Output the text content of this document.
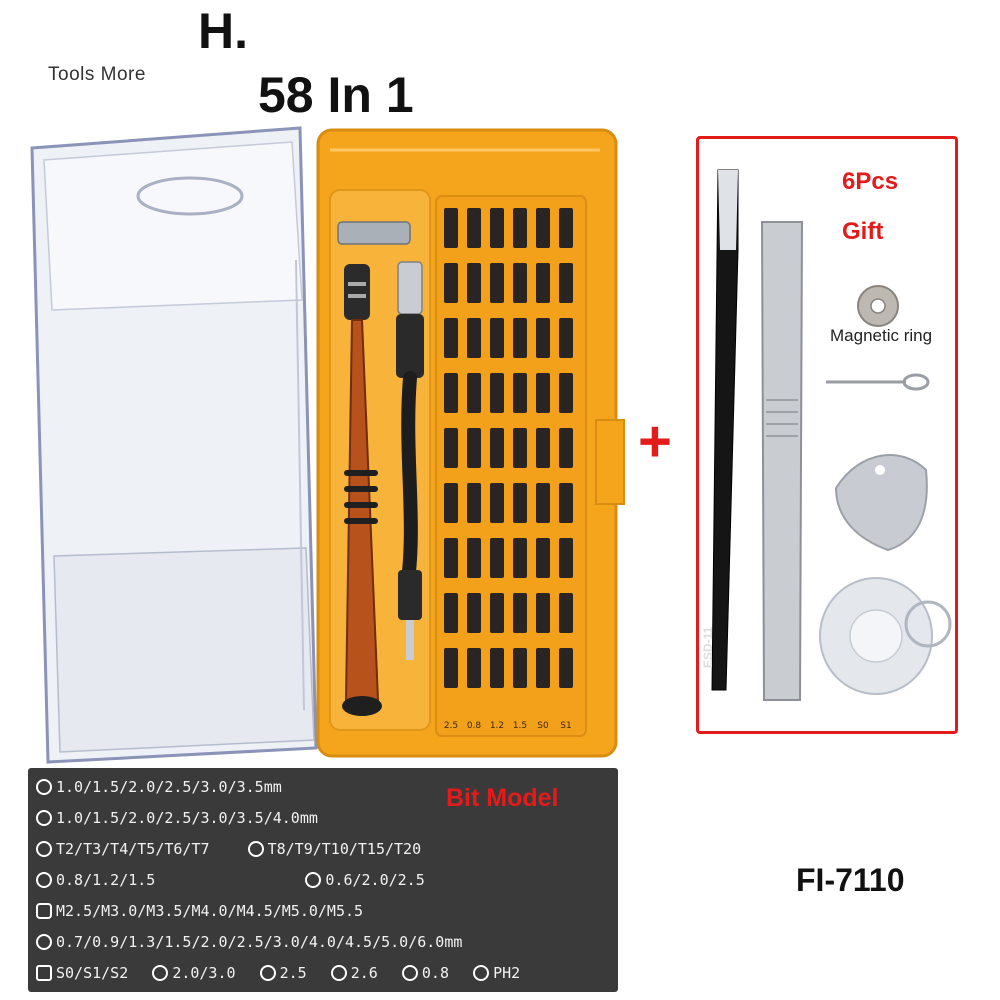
Tools More
H.
58 In 1
2.5 0.8 1.2 1.5 S0 S1
ESD-11
+
6Pcs
Gift
Magnetic ring
Bit Model
1.0/1.5/2.0/2.5/3.0/3.5mm
1.0/1.5/2.0/2.5/3.0/3.5/4.0mm
T2/T3/T4/T5/T6/T7	T8/T9/T10/T15/T20
0.8/1.2/1.5	0.6/2.0/2.5
M2.5/M3.0/M3.5/M4.0/M4.5/M5.0/M5.5
0.7/0.9/1.3/1.5/2.0/2.5/3.0/4.0/4.5/5.0/6.0mm
S0/S1/S2	2.0/3.0	2.5	2.6	0.8	PH2
FI-7110
